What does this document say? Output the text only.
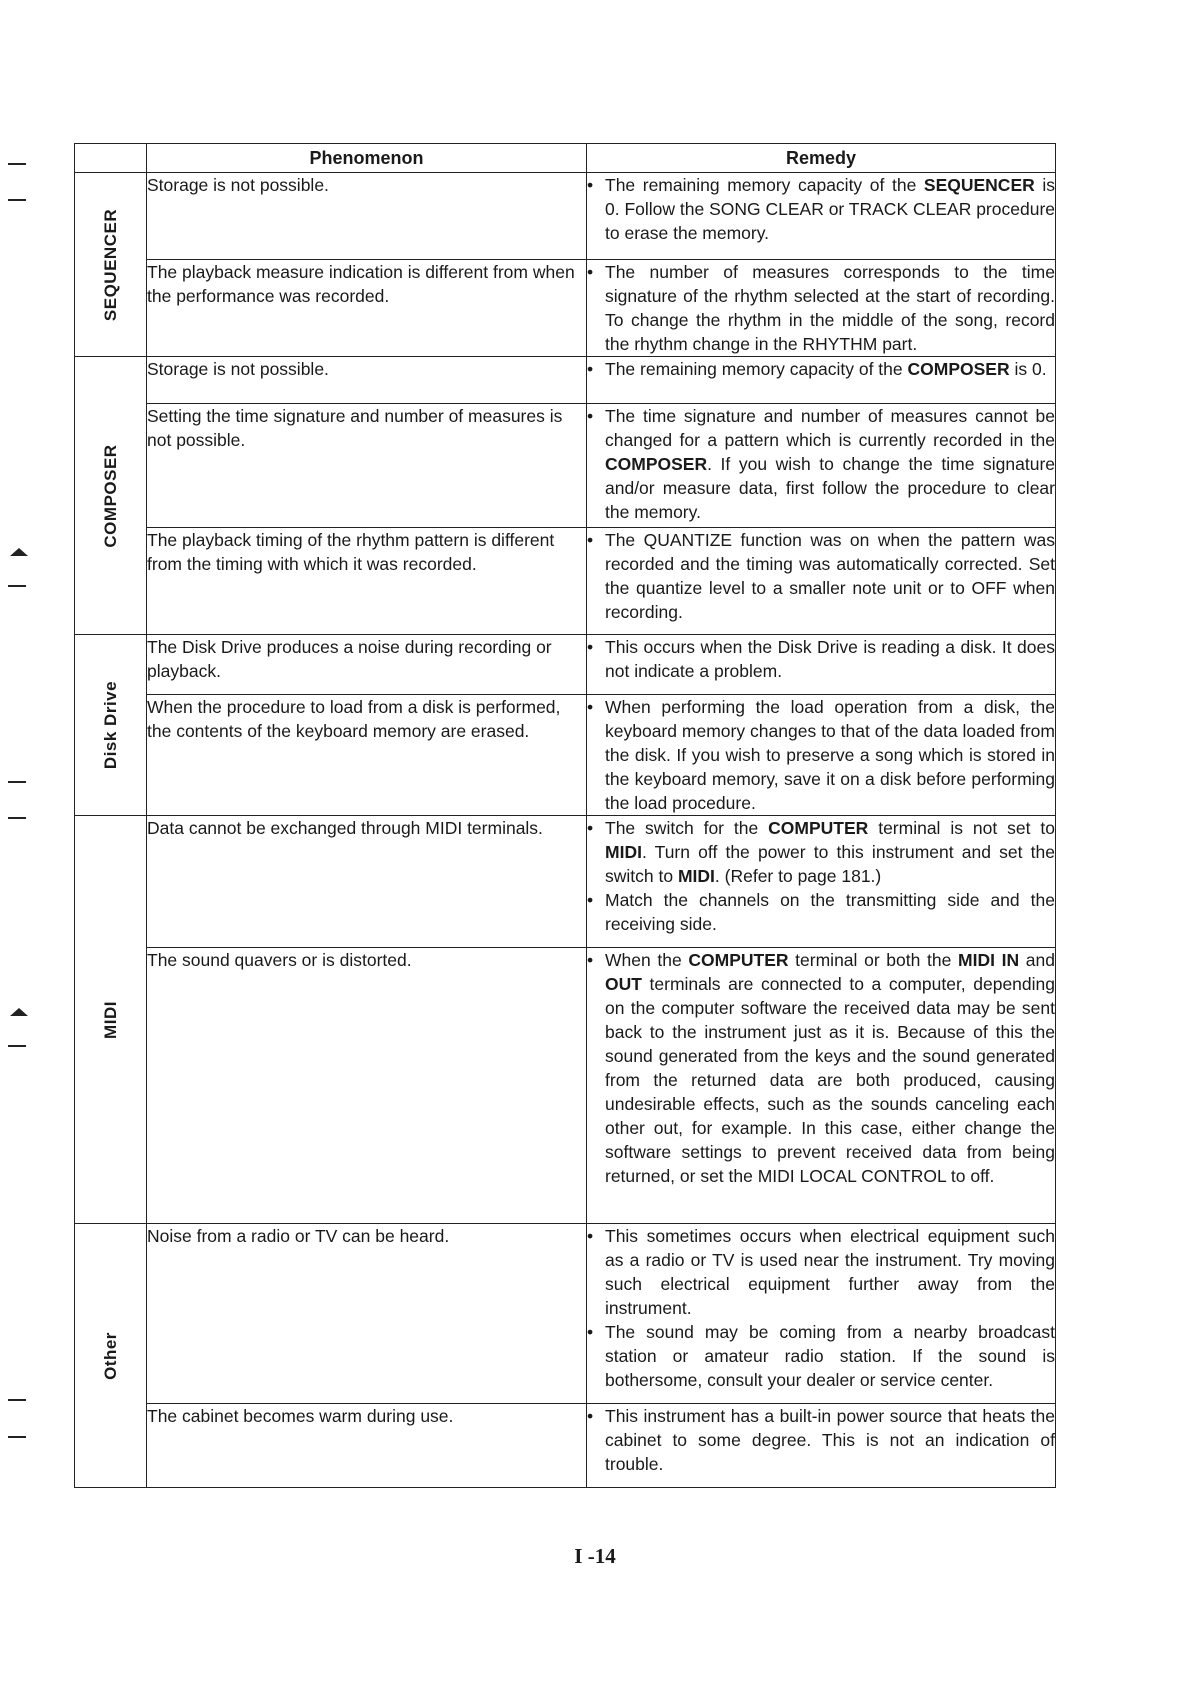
	Phenomenon	Remedy

SEQUENCER	Storage is not possible.	• The remaining memory capacity of the SEQUENCER is 0. Follow the SONG CLEAR or TRACK CLEAR procedure to erase the memory.

	The playback measure indication is different from when the performance was recorded.	• The number of measures corresponds to the time signature of the rhythm selected at the start of recording. To change the rhythm in the middle of the song, record the rhythm change in the RHYTHM part.

COMPOSER	Storage is not possible.	• The remaining memory capacity of the COMPOSER is 0.

	Setting the time signature and number of measures is not possible.	• The time signature and number of measures cannot be changed for a pattern which is currently recorded in the COMPOSER. If you wish to change the time signature and/or measure data, first follow the procedure to clear the memory.

	The playback timing of the rhythm pattern is different from the timing with which it was recorded.	• The QUANTIZE function was on when the pattern was recorded and the timing was automatically corrected. Set the quantize level to a smaller note unit or to OFF when recording.

Disk Drive	The Disk Drive produces a noise during recording or playback.	• This occurs when the Disk Drive is reading a disk. It does not indicate a problem.

	When the procedure to load from a disk is performed, the contents of the keyboard memory are erased.	• When performing the load operation from a disk, the keyboard memory changes to that of the data loaded from the disk. If you wish to preserve a song which is stored in the keyboard memory, save it on a disk before performing the load procedure.

MIDI	Data cannot be exchanged through MIDI terminals.	• The switch for the COMPUTER terminal is not set to MIDI. Turn off the power to this instrument and set the switch to MIDI. (Refer to page 181.)
• Match the channels on the transmitting side and the receiving side.

	The sound quavers or is distorted.	• When the COMPUTER terminal or both the MIDI IN and OUT terminals are connected to a computer, depending on the computer software the received data may be sent back to the instrument just as it is. Because of this the sound generated from the keys and the sound generated from the returned data are both produced, causing undesirable effects, such as the sounds canceling each other out, for example. In this case, either change the software settings to prevent received data from being returned, or set the MIDI LOCAL CONTROL to off.

Other	Noise from a radio or TV can be heard.	• This sometimes occurs when electrical equipment such as a radio or TV is used near the instrument. Try moving such electrical equipment further away from the instrument.
• The sound may be coming from a nearby broadcast station or amateur radio station. If the sound is bothersome, consult your dealer or service center.

	The cabinet becomes warm during use.	• This instrument has a built-in power source that heats the cabinet to some degree. This is not an indication of trouble.
I -14
